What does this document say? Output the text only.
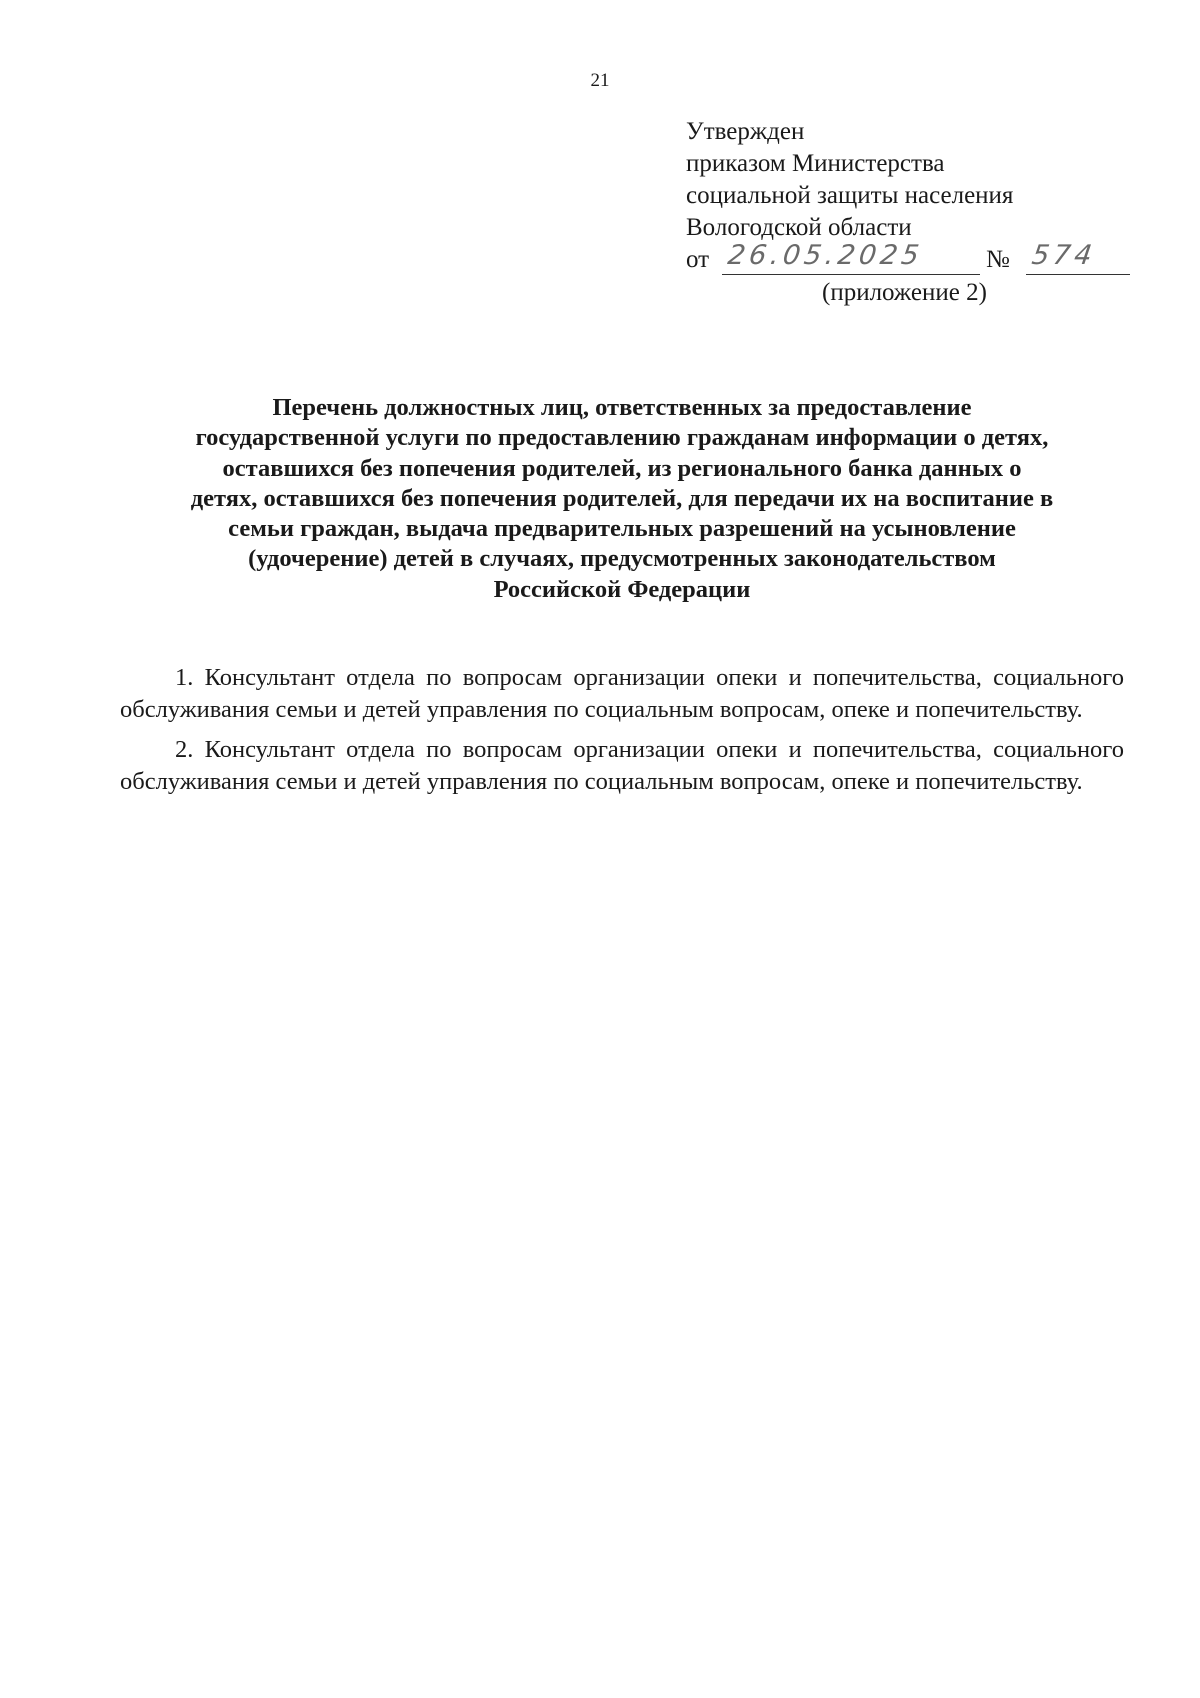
21
Утвержден
приказом Министерства
социальной защиты населения
Вологодской области
от 26.05.2025 № 574
(приложение 2)
Перечень должностных лиц, ответственных за предоставление
государственной услуги по предоставлению гражданам информации о детях,
оставшихся без попечения родителей, из регионального банка данных о
детях, оставшихся без попечения родителей, для передачи их на воспитание в
семьи граждан, выдача предварительных разрешений на усыновление
(удочерение) детей в случаях, предусмотренных законодательством
Российской Федерации

1. Консультант отдела по вопросам организации опеки и попечительства, социального обслуживания семьи и детей управления по социальным вопросам, опеке и попечительству.

2. Консультант отдела по вопросам организации опеки и попечительства, социального обслуживания семьи и детей управления по социальным вопросам, опеке и попечительству.
